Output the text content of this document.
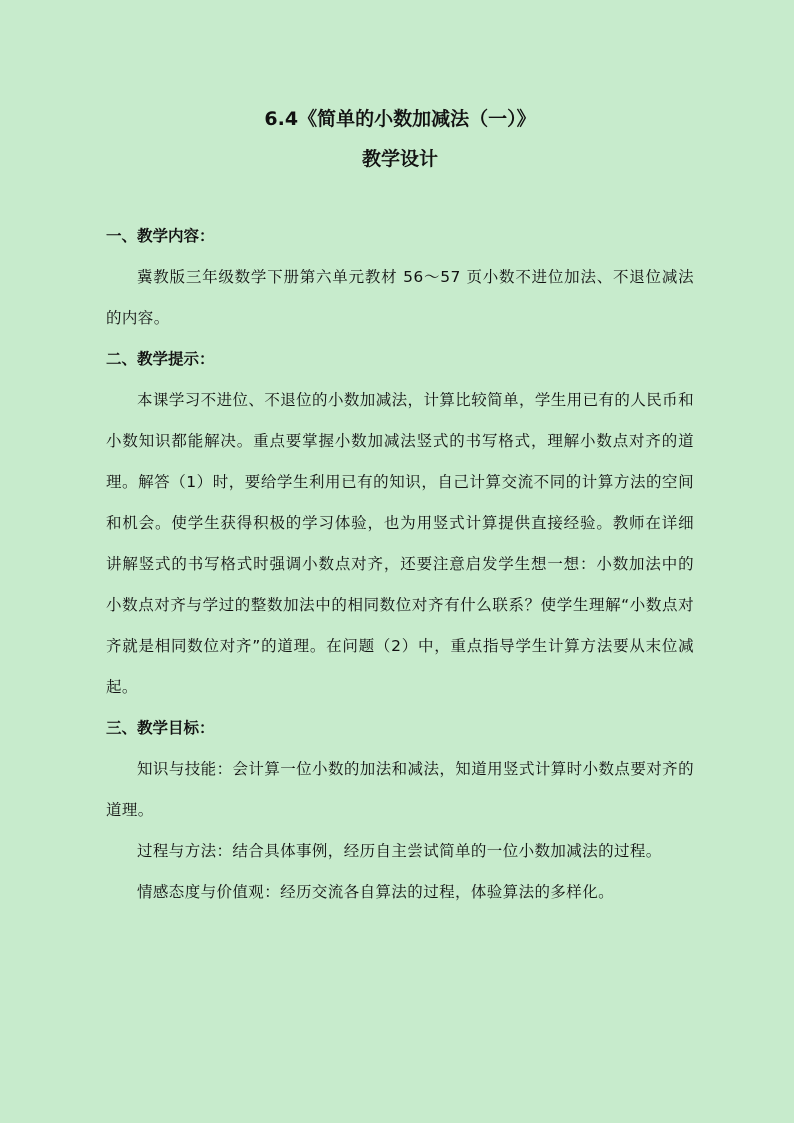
6.4《简单的小数加减法（一）》
教学设计
一、教学内容：

冀教版三年级数学下册第六单元教材 56～57 页小数不进位加法、不退位减法的内容。

二、教学提示：

本课学习不进位、不退位的小数加减法，计算比较简单，学生用已有的人民币和小数知识都能解决。重点要掌握小数加减法竖式的书写格式，理解小数点对齐的道理。解答（1）时，要给学生利用已有的知识，自己计算交流不同的计算方法的空间和机会。使学生获得积极的学习体验，也为用竖式计算提供直接经验。教师在详细讲解竖式的书写格式时强调小数点对齐，还要注意启发学生想一想：小数加法中的小数点对齐与学过的整数加法中的相同数位对齐有什么联系？使学生理解“小数点对齐就是相同数位对齐”的道理。在问题（2）中，重点指导学生计算方法要从末位减起。

三、教学目标：

知识与技能：会计算一位小数的加法和减法，知道用竖式计算时小数点要对齐的道理。

过程与方法：结合具体事例，经历自主尝试简单的一位小数加减法的过程。

情感态度与价值观：经历交流各自算法的过程，体验算法的多样化。
